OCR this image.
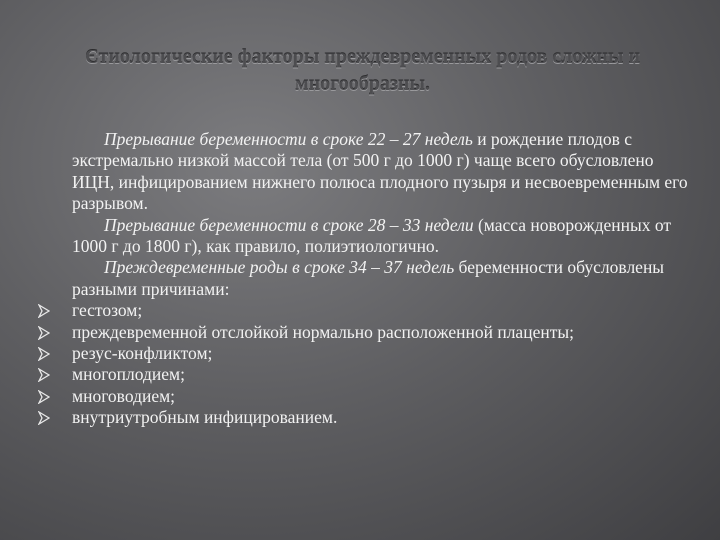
Єтиологические факторы преждевременных родов сложны и многообразны.
Прерывание беременности в сроке 22 – 27 недель и рождение плодов с экстремально низкой массой тела (от 500 г до 1000 г) чаще всего обусловлено ИЦН, инфицированием нижнего полюса плодного пузыря и несвоевременным его разрывом.
Прерывание беременности в сроке 28 – 33 недели (масса новорожденных от 1000 г до 1800 г), как правило, полиэтиологично.
Преждевременные роды в сроке 34 – 37 недель беременности обусловлены разными причинами:
гестозом;
преждевременной отслойкой нормально расположенной плаценты;
резус-конфликтом;
многоплодием;
многоводием;
внутриутробным инфицированием.
